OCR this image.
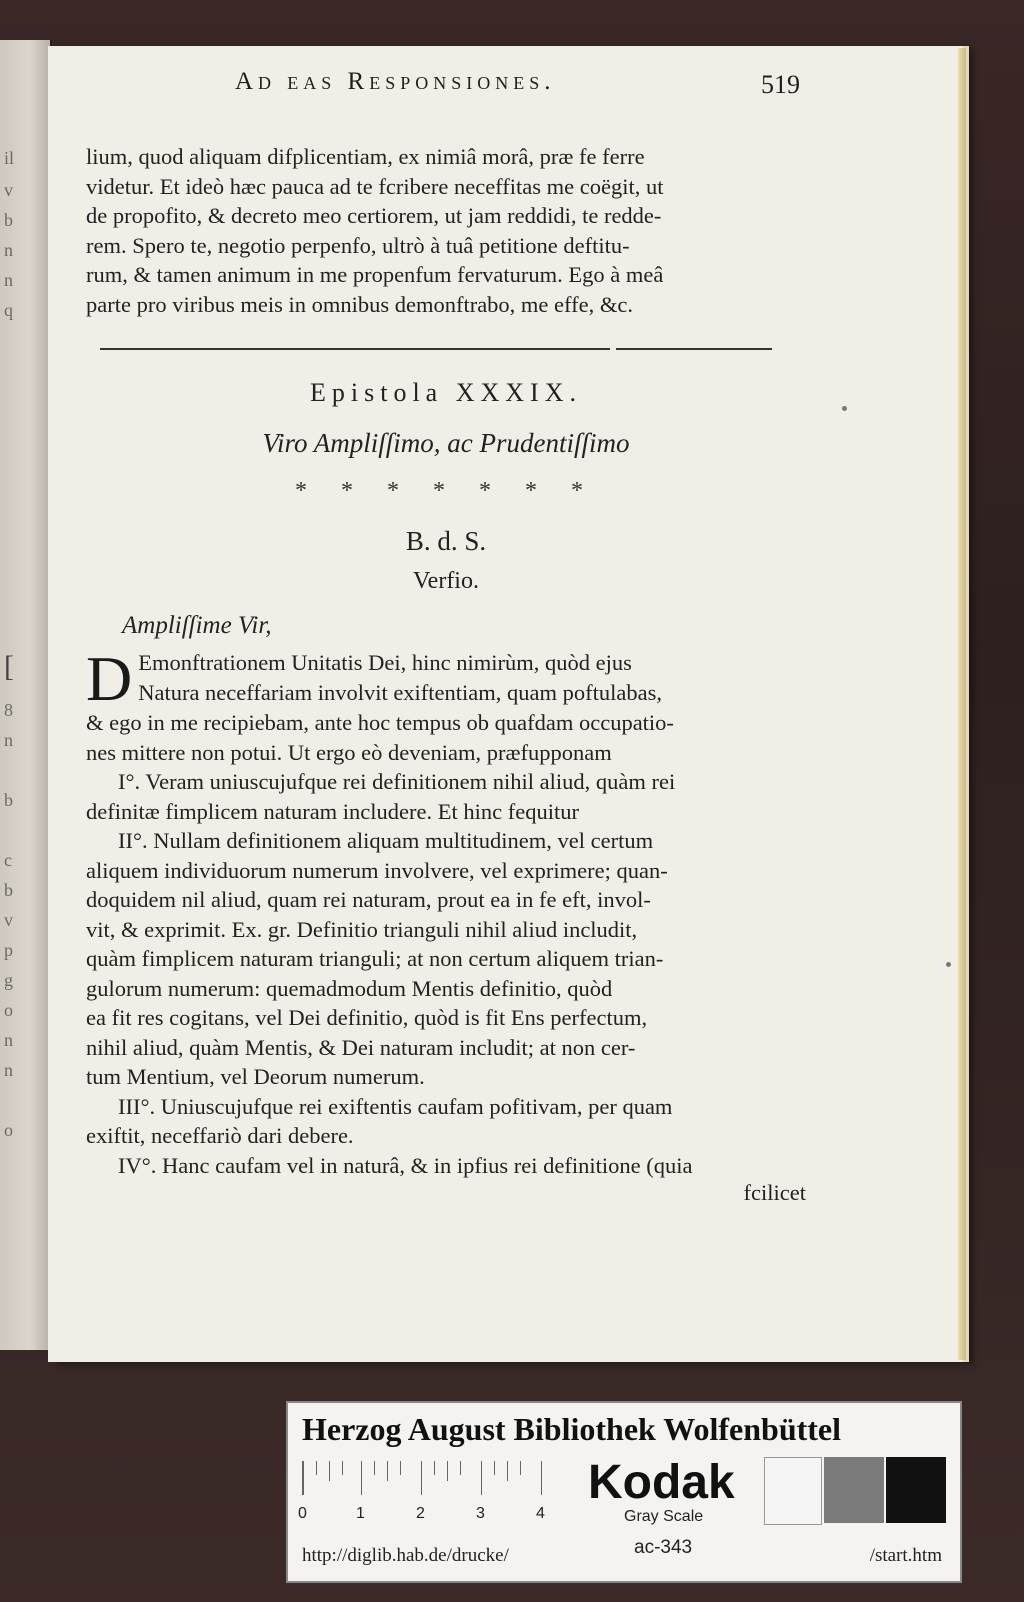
il
v
b
n
n
q
[
8
n
b
c
b
v
p
g
o
n
n
o
Ad eas Responsiones.	519

lium, quod aliquam difplicentiam, ex nimiâ morâ, præ fe ferre

videtur. Et ideò hæc pauca ad te fcribere neceffitas me coëgit, ut

de propofito, & decreto meo certiorem, ut jam reddidi, te redde-

rem. Spero te, negotio perpenfo, ultrò à tuâ petitione deftitu-

rum, & tamen animum in me propenfum fervaturum. Ego à meâ

parte pro viribus meis in omnibus demonftrabo, me effe, &c.

Epistola XXXIX.
Viro Ampliſſimo, ac Prudentiſſimo
* * * * * * *
B. d. S.
Verfio.
Ampliſſime Vir,
D Emonftrationem Unitatis Dei, hinc nimirùm, quòd ejus

Natura neceffariam involvit exiftentiam, quam poftulabas,

& ego in me recipiebam, ante hoc tempus ob quafdam occupatio-

nes mittere non potui. Ut ergo eò deveniam, præfupponam

I°. Veram uniuscujufque rei definitionem nihil aliud, quàm rei

definitæ fimplicem naturam includere. Et hinc fequitur

II°. Nullam definitionem aliquam multitudinem, vel certum

aliquem individuorum numerum involvere, vel exprimere; quan-

doquidem nil aliud, quam rei naturam, prout ea in fe eft, invol-

vit, & exprimit. Ex. gr. Definitio trianguli nihil aliud includit,

quàm fimplicem naturam trianguli; at non certum aliquem trian-

gulorum numerum: quemadmodum Mentis definitio, quòd

ea fit res cogitans, vel Dei definitio, quòd is fit Ens perfectum,

nihil aliud, quàm Mentis, & Dei naturam includit; at non cer-

tum Mentium, vel Deorum numerum.

III°. Uniuscujufque rei exiftentis caufam pofitivam, per quam

exiftit, neceffariò dari debere.

IV°. Hanc caufam vel in naturâ, & in ipfius rei definitione (quia

fcilicet
Herzog August Bibliothek Wolfenbüttel
0	1	2	3	4
Kodak
Gray Scale
http://diglib.hab.de/drucke/	ac-343	/start.htm
